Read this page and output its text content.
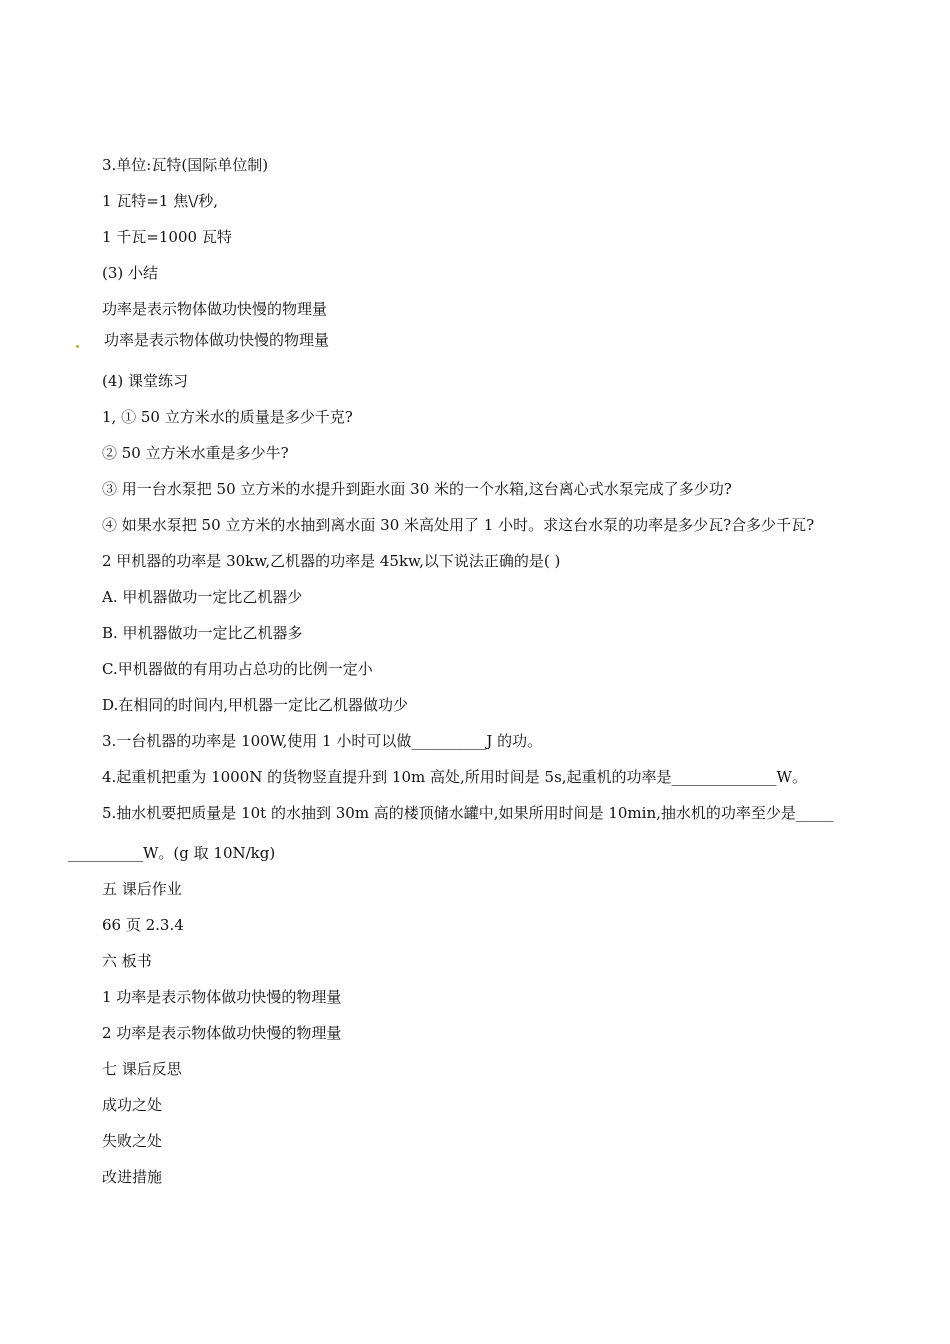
3.单位:瓦特(国际单位制)
1 瓦特=1 焦\/秒,
1 千瓦=1000 瓦特
(3) 小结
功率是表示物体做功快慢的物理量
功率是表示物体做功快慢的物理量
(4) 课堂练习
1, ① 50 立方米水的质量是多少千克?
② 50 立方米水重是多少牛?
③ 用一台水泵把 50 立方米的水提升到距水面 30 米的一个水箱,这台离心式水泵完成了多少功?
④ 如果水泵把 50 立方米的水抽到离水面 30 米高处用了 1 小时。求这台水泵的功率是多少瓦?合多少千瓦?
2 甲机器的功率是 30kw,乙机器的功率是 45kw,以下说法正确的是( )
A. 甲机器做功一定比乙机器少
B. 甲机器做功一定比乙机器多
C.甲机器做的有用功占总功的比例一定小
D.在相同的时间内,甲机器一定比乙机器做功少
3.一台机器的功率是 100W,使用 1 小时可以做__________J 的功。
4.起重机把重为 1000N 的货物竖直提升到 10m 高处,所用时间是 5s,起重机的功率是______________W。
5.抽水机要把质量是 10t 的水抽到 30m 高的楼顶储水罐中,如果所用时间是 10min,抽水机的功率至少是_____
__________W。(g 取 10N/kg)
五 课后作业
66 页 2.3.4
六 板书
1 功率是表示物体做功快慢的物理量
2 功率是表示物体做功快慢的物理量
七 课后反思
成功之处
失败之处
改进措施
